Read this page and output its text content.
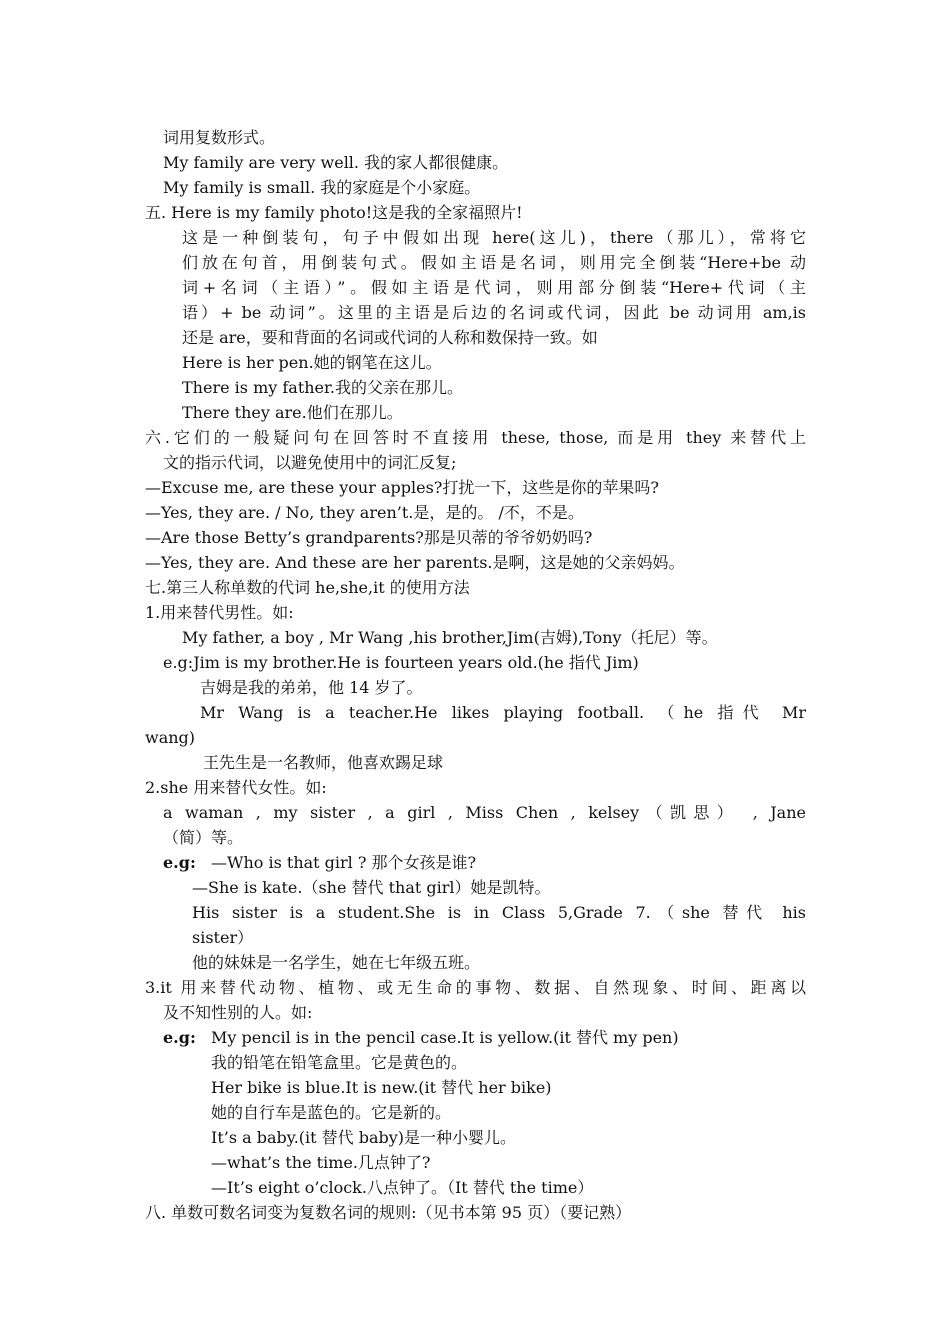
词用复数形式。
My family are very well. 我的家人都很健康。
My family is small. 我的家庭是个小家庭。
五. Here is my family photo!这是我的全家福照片!
这是一种倒装句，句子中假如出现 here(这儿)，there（那儿），常将它
们放在句首，用倒装句式。假如主语是名词，则用完全倒装“Here+be 动
词+名词（主语）”。假如主语是代词，则用部分倒装“Here+代词（主
语）+ be 动词”。这里的主语是后边的名词或代词，因此 be 动词用 am,is
还是 are，要和背面的名词或代词的人称和数保持一致。如
Here is her pen.她的钢笔在这儿。
There is my father.我的父亲在那儿。
There they are.他们在那儿。
六.它们的一般疑问句在回答时不直接用 these, those, 而是用 they 来替代上
文的指示代词，以避免使用中的词汇反复;
—Excuse me, are these your apples?打扰一下，这些是你的苹果吗?
—Yes, they are. / No, they aren’t.是，是的。 /不，不是。
—Are those Betty’s grandparents?那是贝蒂的爷爷奶奶吗?
—Yes, they are. And these are her parents.是啊，这是她的父亲妈妈。
七.第三人称单数的代词 he,she,it 的使用方法
1.用来替代男性。如:
My father, a boy , Mr Wang ,his brother,Jim(吉姆),Tony（托尼）等。
e.g:Jim is my brother.He is fourteen years old.(he 指代 Jim)
吉姆是我的弟弟，他 14 岁了。
Mr Wang is a teacher.He likes playing football. （he 指代 Mr
wang)
王先生是一名教师，他喜欢踢足球
2.she 用来替代女性。如:
a waman , my sister , a girl , Miss Chen , kelsey（凯思） , Jane
（简）等。
e.g: —Who is that girl ? 那个女孩是谁?
—She is kate.（she 替代 that girl）她是凯特。
His sister is a student.She is in Class 5,Grade 7.（she 替代 his
sister）
他的妹妹是一名学生，她在七年级五班。
3.it 用来替代动物、植物、或无生命的事物、数据、自然现象、时间、距离以
及不知性别的人。如:
e.g: My pencil is in the pencil case.It is yellow.(it 替代 my pen)
我的铅笔在铅笔盒里。它是黄色的。
Her bike is blue.It is new.(it 替代 her bike)
她的自行车是蓝色的。它是新的。
It’s a baby.(it 替代 baby)是一种小婴儿。
—what’s the time.几点钟了?
—It’s eight o’clock.八点钟了。（It 替代 the time）
八. 单数可数名词变为复数名词的规则:（见书本第 95 页）（要记熟）
